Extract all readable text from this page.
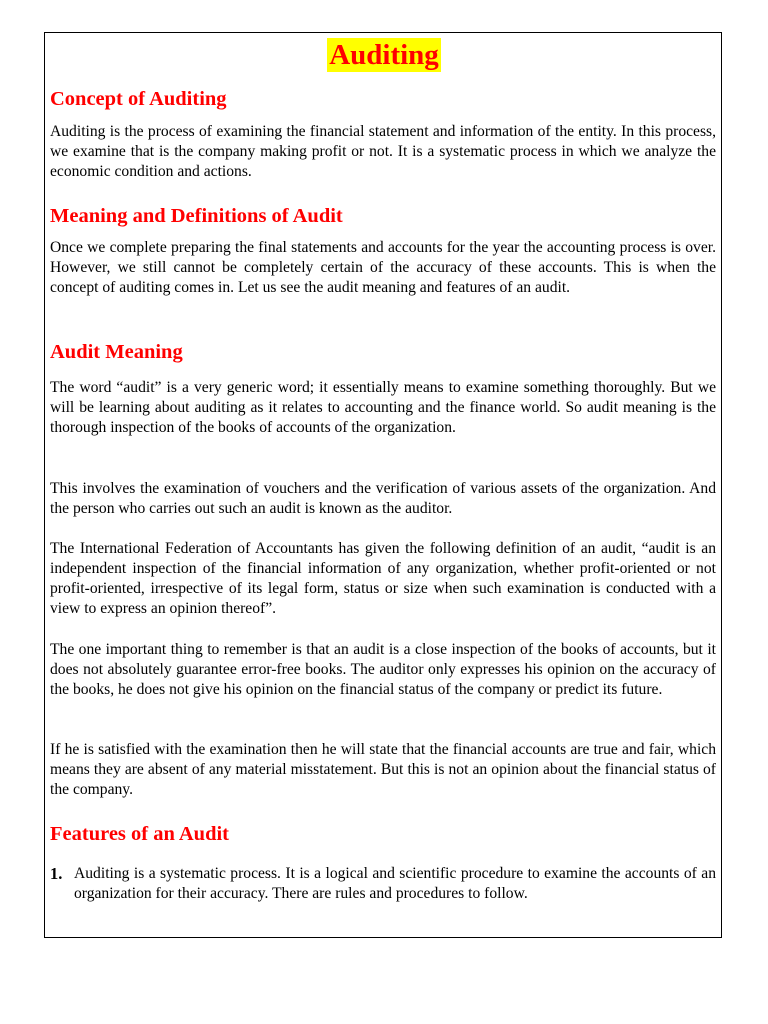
Auditing
Concept of Auditing

Auditing is the process of examining the financial statement and information of the entity. In this process, we examine that is the company making profit or not. It is a systematic process in which we analyze the economic condition and actions.

Meaning and Definitions of Audit

Once we complete preparing the final statements and accounts for the year the accounting process is over. However, we still cannot be completely certain of the accuracy of these accounts. This is when the concept of auditing comes in. Let us see the audit meaning and features of an audit.

Audit Meaning

The word “audit” is a very generic word; it essentially means to examine something thoroughly. But we will be learning about auditing as it relates to accounting and the finance world. So audit meaning is the thorough inspection of the books of accounts of the organization.

This involves the examination of vouchers and the verification of various assets of the organization. And the person who carries out such an audit is known as the auditor.

The International Federation of Accountants has given the following definition of an audit, “audit is an independent inspection of the financial information of any organization, whether profit-oriented or not profit-oriented, irrespective of its legal form, status or size when such examination is conducted with a view to express an opinion thereof”.

The one important thing to remember is that an audit is a close inspection of the books of accounts, but it does not absolutely guarantee error-free books. The auditor only expresses his opinion on the accuracy of the books, he does not give his opinion on the financial status of the company or predict its future.

If he is satisfied with the examination then he will state that the financial accounts are true and fair, which means they are absent of any material misstatement. But this is not an opinion about the financial status of the company.

Features of an Audit
1. Auditing is a systematic process. It is a logical and scientific procedure to examine the accounts of an organization for their accuracy. There are rules and procedures to follow.
